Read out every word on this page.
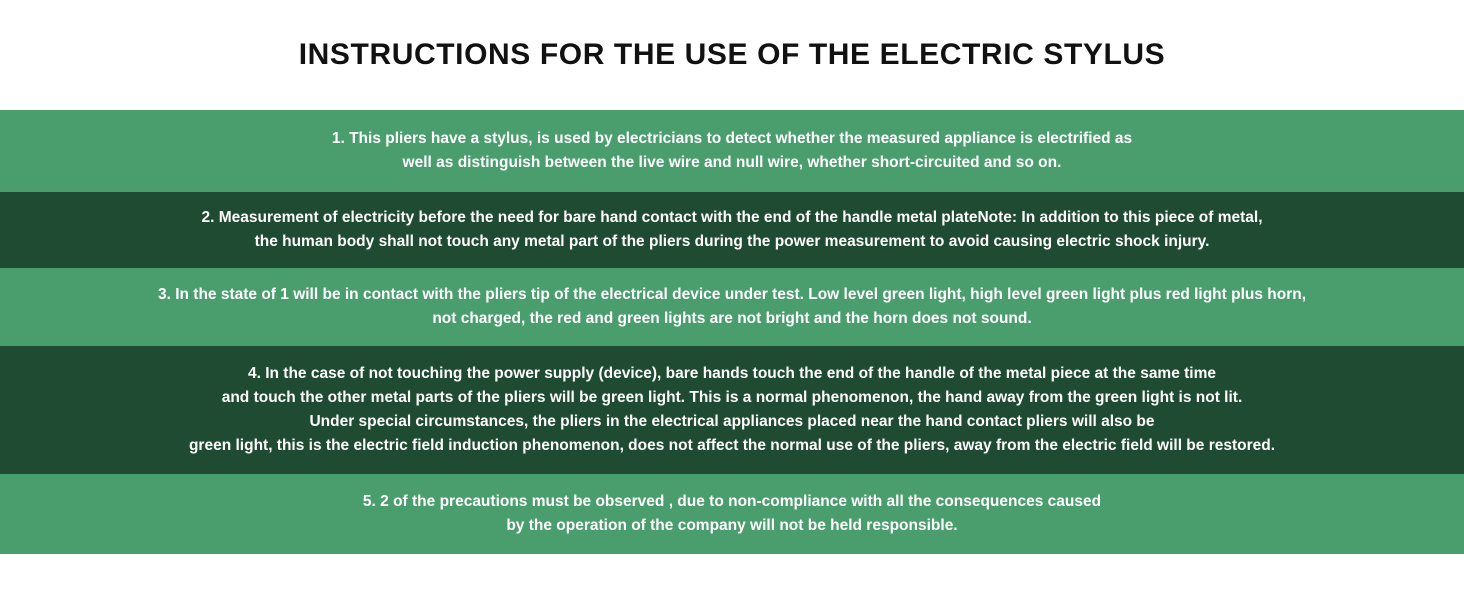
INSTRUCTIONS FOR THE USE OF THE ELECTRIC STYLUS

1. This pliers have a stylus, is used by electricians to detect whether the measured appliance is electrified as
well as distinguish between the live wire and null wire, whether short-circuited and so on.

2. Measurement of electricity before the need for bare hand contact with the end of the handle metal plateNote: In addition to this piece of metal,
the human body shall not touch any metal part of the pliers during the power measurement to avoid causing electric shock injury.

3. In the state of 1 will be in contact with the pliers tip of the electrical device under test. Low level green light, high level green light plus red light plus horn,
not charged, the red and green lights are not bright and the horn does not sound.

4. In the case of not touching the power supply (device), bare hands touch the end of the handle of the metal piece at the same time
and touch the other metal parts of the pliers will be green light. This is a normal phenomenon, the hand away from the green light is not lit.
Under special circumstances, the pliers in the electrical appliances placed near the hand contact pliers will also be
green light, this is the electric field induction phenomenon, does not affect the normal use of the pliers, away from the electric field will be restored.

5. 2 of the precautions must be observed , due to non-compliance with all the consequences caused
by the operation of the company will not be held responsible.
